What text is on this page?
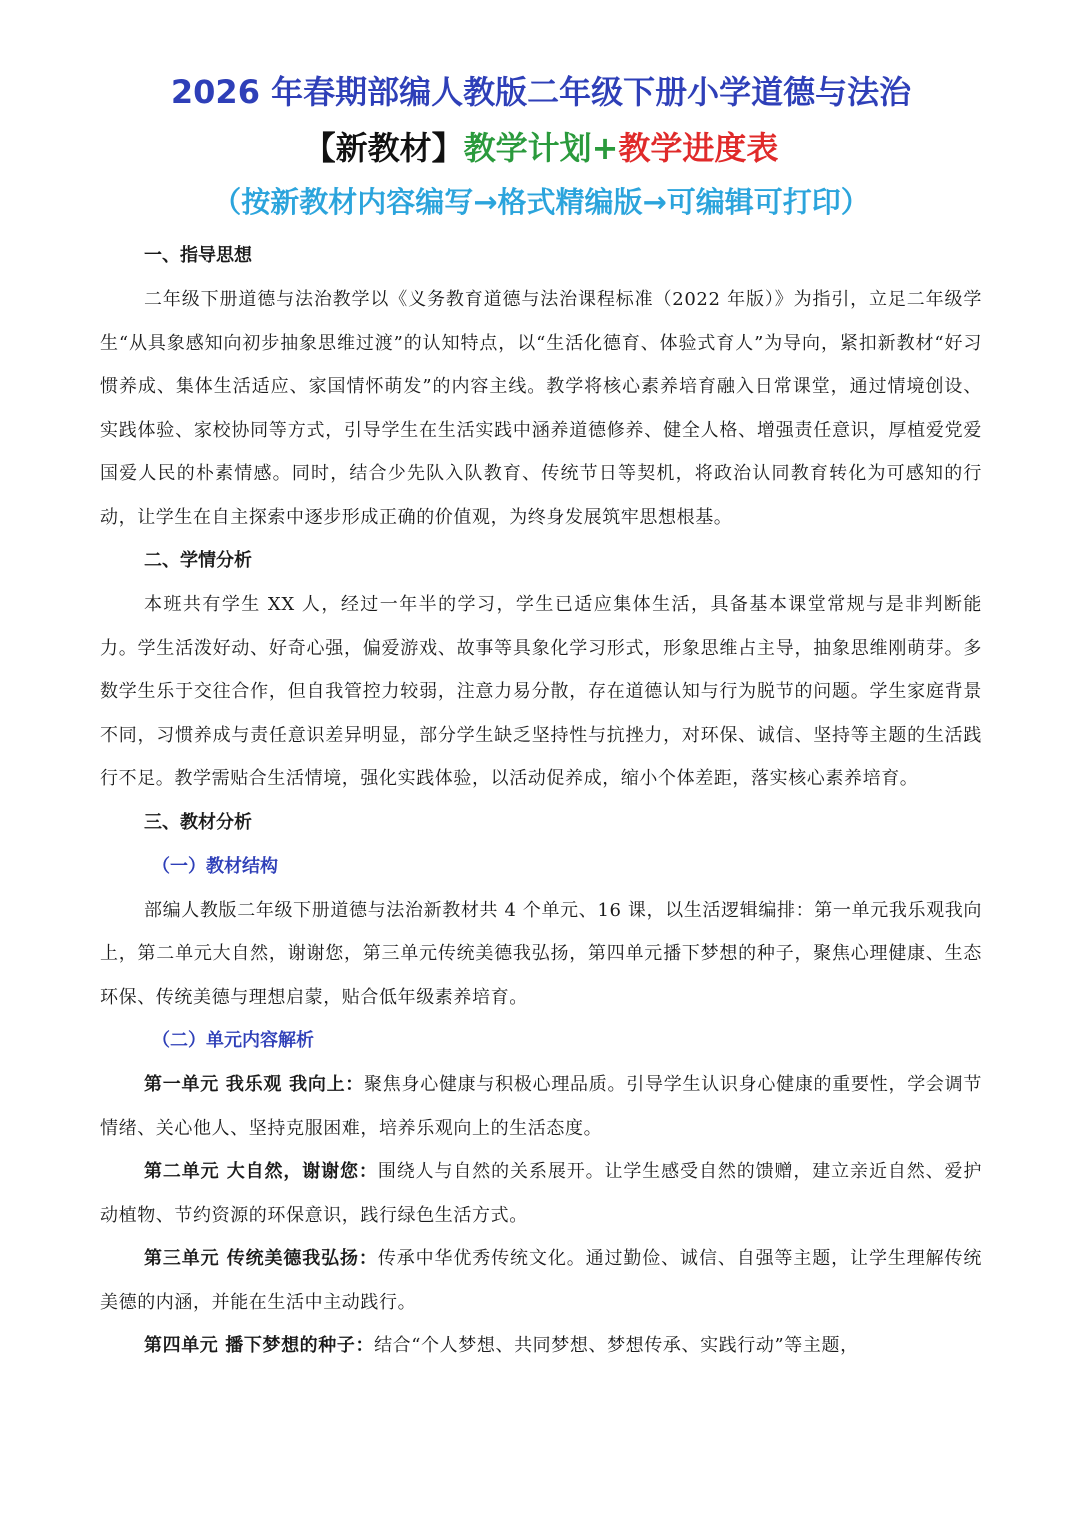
2026 年春期部编人教版二年级下册小学道德与法治
【新教材】教学计划+教学进度表
（按新教材内容编写→格式精编版→可编辑可打印）
一、指导思想

二年级下册道德与法治教学以《义务教育道德与法治课程标准（2022 年版）》为指引，立足二年级学生“从具象感知向初步抽象思维过渡”的认知特点，以“生活化德育、体验式育人”为导向，紧扣新教材“好习惯养成、集体生活适应、家国情怀萌发”的内容主线。教学将核心素养培育融入日常课堂，通过情境创设、实践体验、家校协同等方式，引导学生在生活实践中涵养道德修养、健全人格、增强责任意识，厚植爱党爱国爱人民的朴素情感。同时，结合少先队入队教育、传统节日等契机，将政治认同教育转化为可感知的行动，让学生在自主探索中逐步形成正确的价值观，为终身发展筑牢思想根基。

二、学情分析

本班共有学生 XX 人，经过一年半的学习，学生已适应集体生活，具备基本课堂常规与是非判断能力。学生活泼好动、好奇心强，偏爱游戏、故事等具象化学习形式，形象思维占主导，抽象思维刚萌芽。多数学生乐于交往合作，但自我管控力较弱，注意力易分散，存在道德认知与行为脱节的问题。学生家庭背景不同，习惯养成与责任意识差异明显，部分学生缺乏坚持性与抗挫力，对环保、诚信、坚持等主题的生活践行不足。教学需贴合生活情境，强化实践体验，以活动促养成，缩小个体差距，落实核心素养培育。

三、教材分析
（一）教材结构

部编人教版二年级下册道德与法治新教材共 4 个单元、16 课，以生活逻辑编排：第一单元我乐观我向上，第二单元大自然，谢谢您，第三单元传统美德我弘扬，第四单元播下梦想的种子，聚焦心理健康、生态环保、传统美德与理想启蒙，贴合低年级素养培育。

（二）单元内容解析

第一单元 我乐观 我向上：聚焦身心健康与积极心理品质。引导学生认识身心健康的重要性，学会调节情绪、关心他人、坚持克服困难，培养乐观向上的生活态度。

第二单元 大自然，谢谢您：围绕人与自然的关系展开。让学生感受自然的馈赠，建立亲近自然、爱护动植物、节约资源的环保意识，践行绿色生活方式。

第三单元 传统美德我弘扬：传承中华优秀传统文化。通过勤俭、诚信、自强等主题，让学生理解传统美德的内涵，并能在生活中主动践行。

第四单元 播下梦想的种子：结合“个人梦想、共同梦想、梦想传承、实践行动”等主题，
